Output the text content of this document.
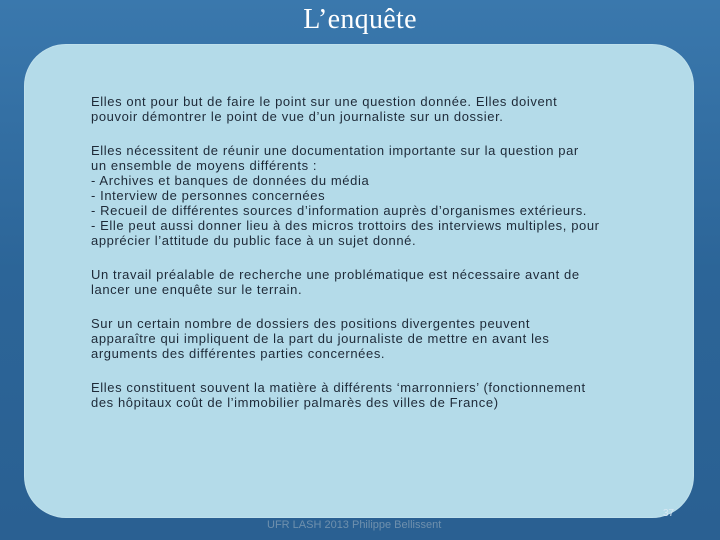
L’enquête
Elles ont pour but de faire le point sur une question donnée. Elles doivent
pouvoir démontrer le point de vue d’un journaliste sur un dossier.
Elles nécessitent de réunir une documentation importante sur la question par
un ensemble de moyens différents :
- Archives et banques de données du média
- Interview de personnes concernées
- Recueil de différentes sources d’information auprès d’organismes extérieurs.
- Elle peut aussi donner lieu à des micros trottoirs des interviews multiples, pour
apprécier l’attitude du public face à un sujet donné.
Un travail préalable de recherche une problématique est nécessaire avant de
lancer une enquête sur le terrain.
Sur un certain nombre de dossiers des positions divergentes peuvent
apparaître qui impliquent de la part du journaliste de mettre en avant les
arguments des différentes parties concernées.
Elles constituent souvent la matière à différents ‘marronniers’ (fonctionnement
des hôpitaux coût de l’immobilier palmarès des villes de France)
UFR LASH 2013 Philippe Bellissent
37
